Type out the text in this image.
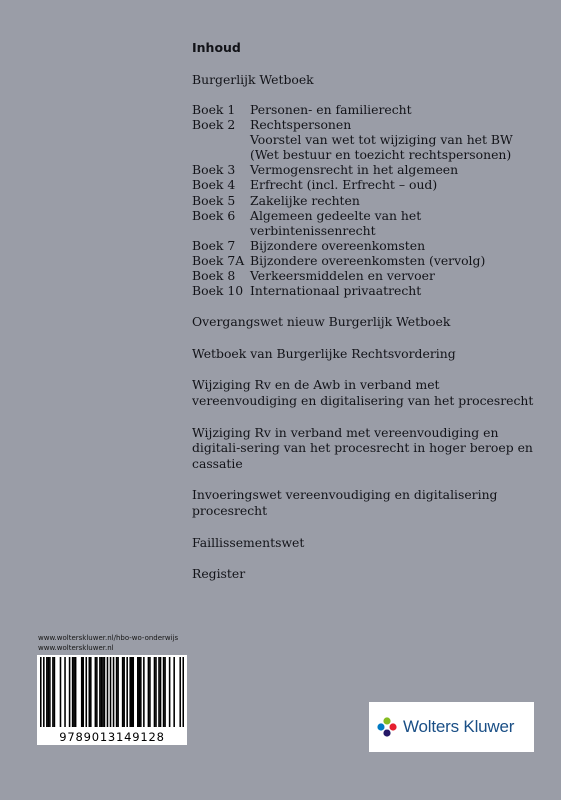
Inhoud
Burgerlijk Wetboek
Boek 1	Personen- en familierecht
Boek 2	Rechtspersonen
Voorstel van wet tot wijziging van het BW (Wet bestuur en toezicht rechtspersonen)
Boek 3	Vermogensrecht in het algemeen
Boek 4	Erfrecht (incl. Erfrecht – oud)
Boek 5	Zakelijke rechten
Boek 6	Algemeen gedeelte van het verbintenissenrecht
Boek 7	Bijzondere overeenkomsten
Boek 7A Bijzondere overeenkomsten (vervolg)
Boek 8	Verkeersmiddelen en vervoer
Boek 10 Internationaal privaatrecht
Overgangswet nieuw Burgerlijk Wetboek
Wetboek van Burgerlijke Rechtsvordering
Wijziging Rv en de Awb in verband met vereenvoudiging en digitalisering van het procesrecht
Wijziging Rv in verband met vereenvoudiging en digitali-sering van het procesrecht in hoger beroep en cassatie
Invoeringswet vereenvoudiging en digitalisering procesrecht
Faillissementswet
Register
www.wolterskluwer.nl/hbo-wo-onderwijs
www.wolterskluwer.nl
9789013149128
Wolters Kluwer
